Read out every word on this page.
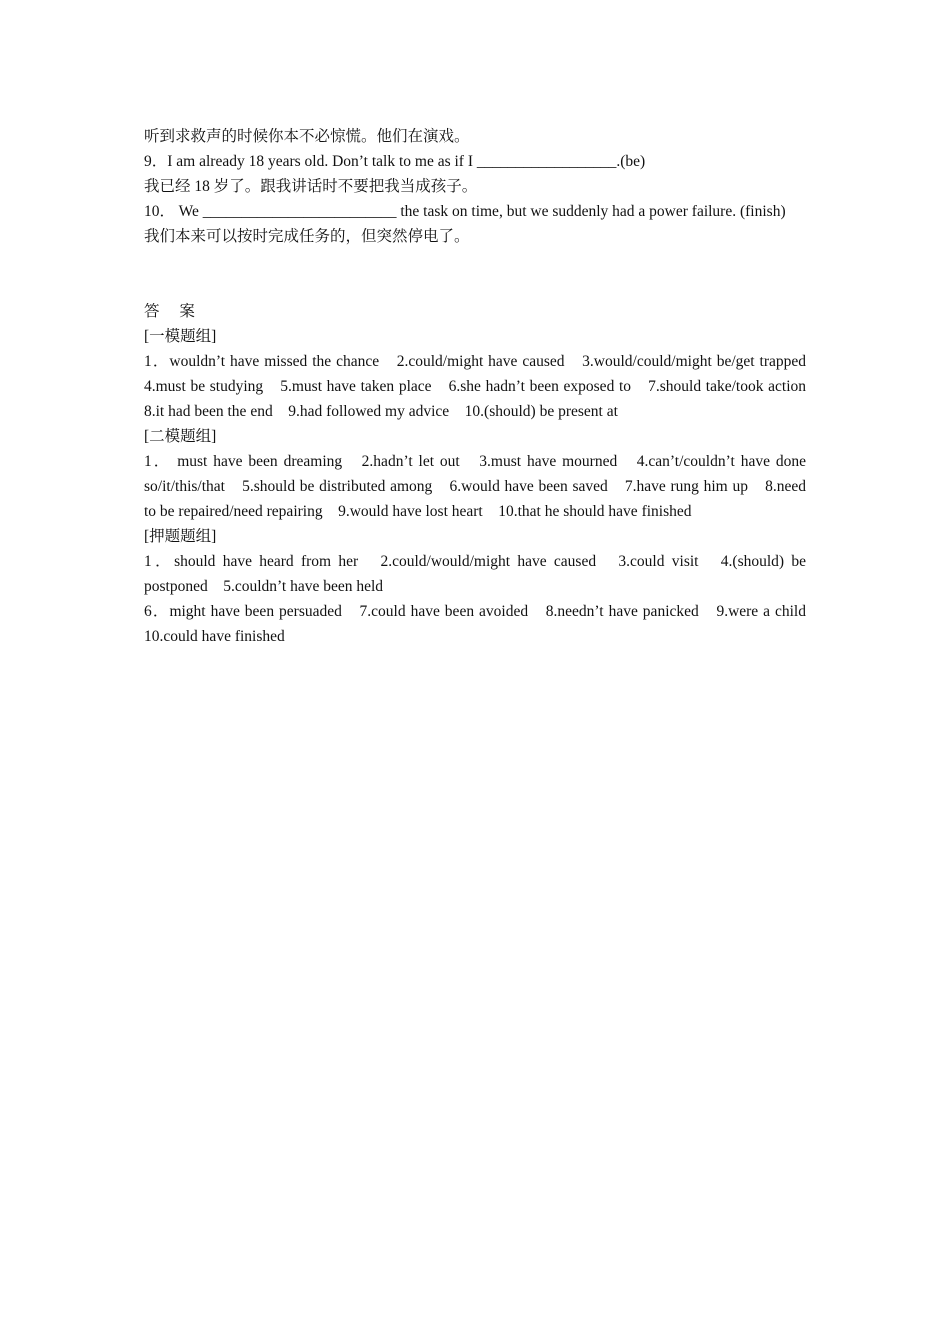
听到求救声的时候你本不必惊慌。他们在演戏。
9．I am already 18 years old. Don’t talk to me as if I __________________.(be)
我已经 18 岁了。跟我讲话时不要把我当成孩子。
10． We _________________________ the task on time, but we suddenly had a power failure. (finish)
我们本来可以按时完成任务的，但突然停电了。
答 案
[一模题组]
1．wouldn’t have missed the chance　2.could/might have caused　3.would/could/might be/get trapped　4.must be studying　5.must have taken place　6.she hadn’t been exposed to　7.should take/took action　8.it had been the end　9.had followed my advice　10.(should) be present at
[二模题组]
1． must have been dreaming　2.hadn’t let out　3.must have mourned　4.can’t/couldn’t have done so/it/this/that　5.should be distributed among　6.would have been saved　7.have rung him up　8.need to be repaired/need repairing　9.would have lost heart　10.that he should have finished
[押题题组]
1．should have heard from her　2.could/would/might have caused　3.could visit　4.(should) be postponed　5.couldn’t have been held
6．might have been persuaded　7.could have been avoided　8.needn’t have panicked　9.were a child　10.could have finished
